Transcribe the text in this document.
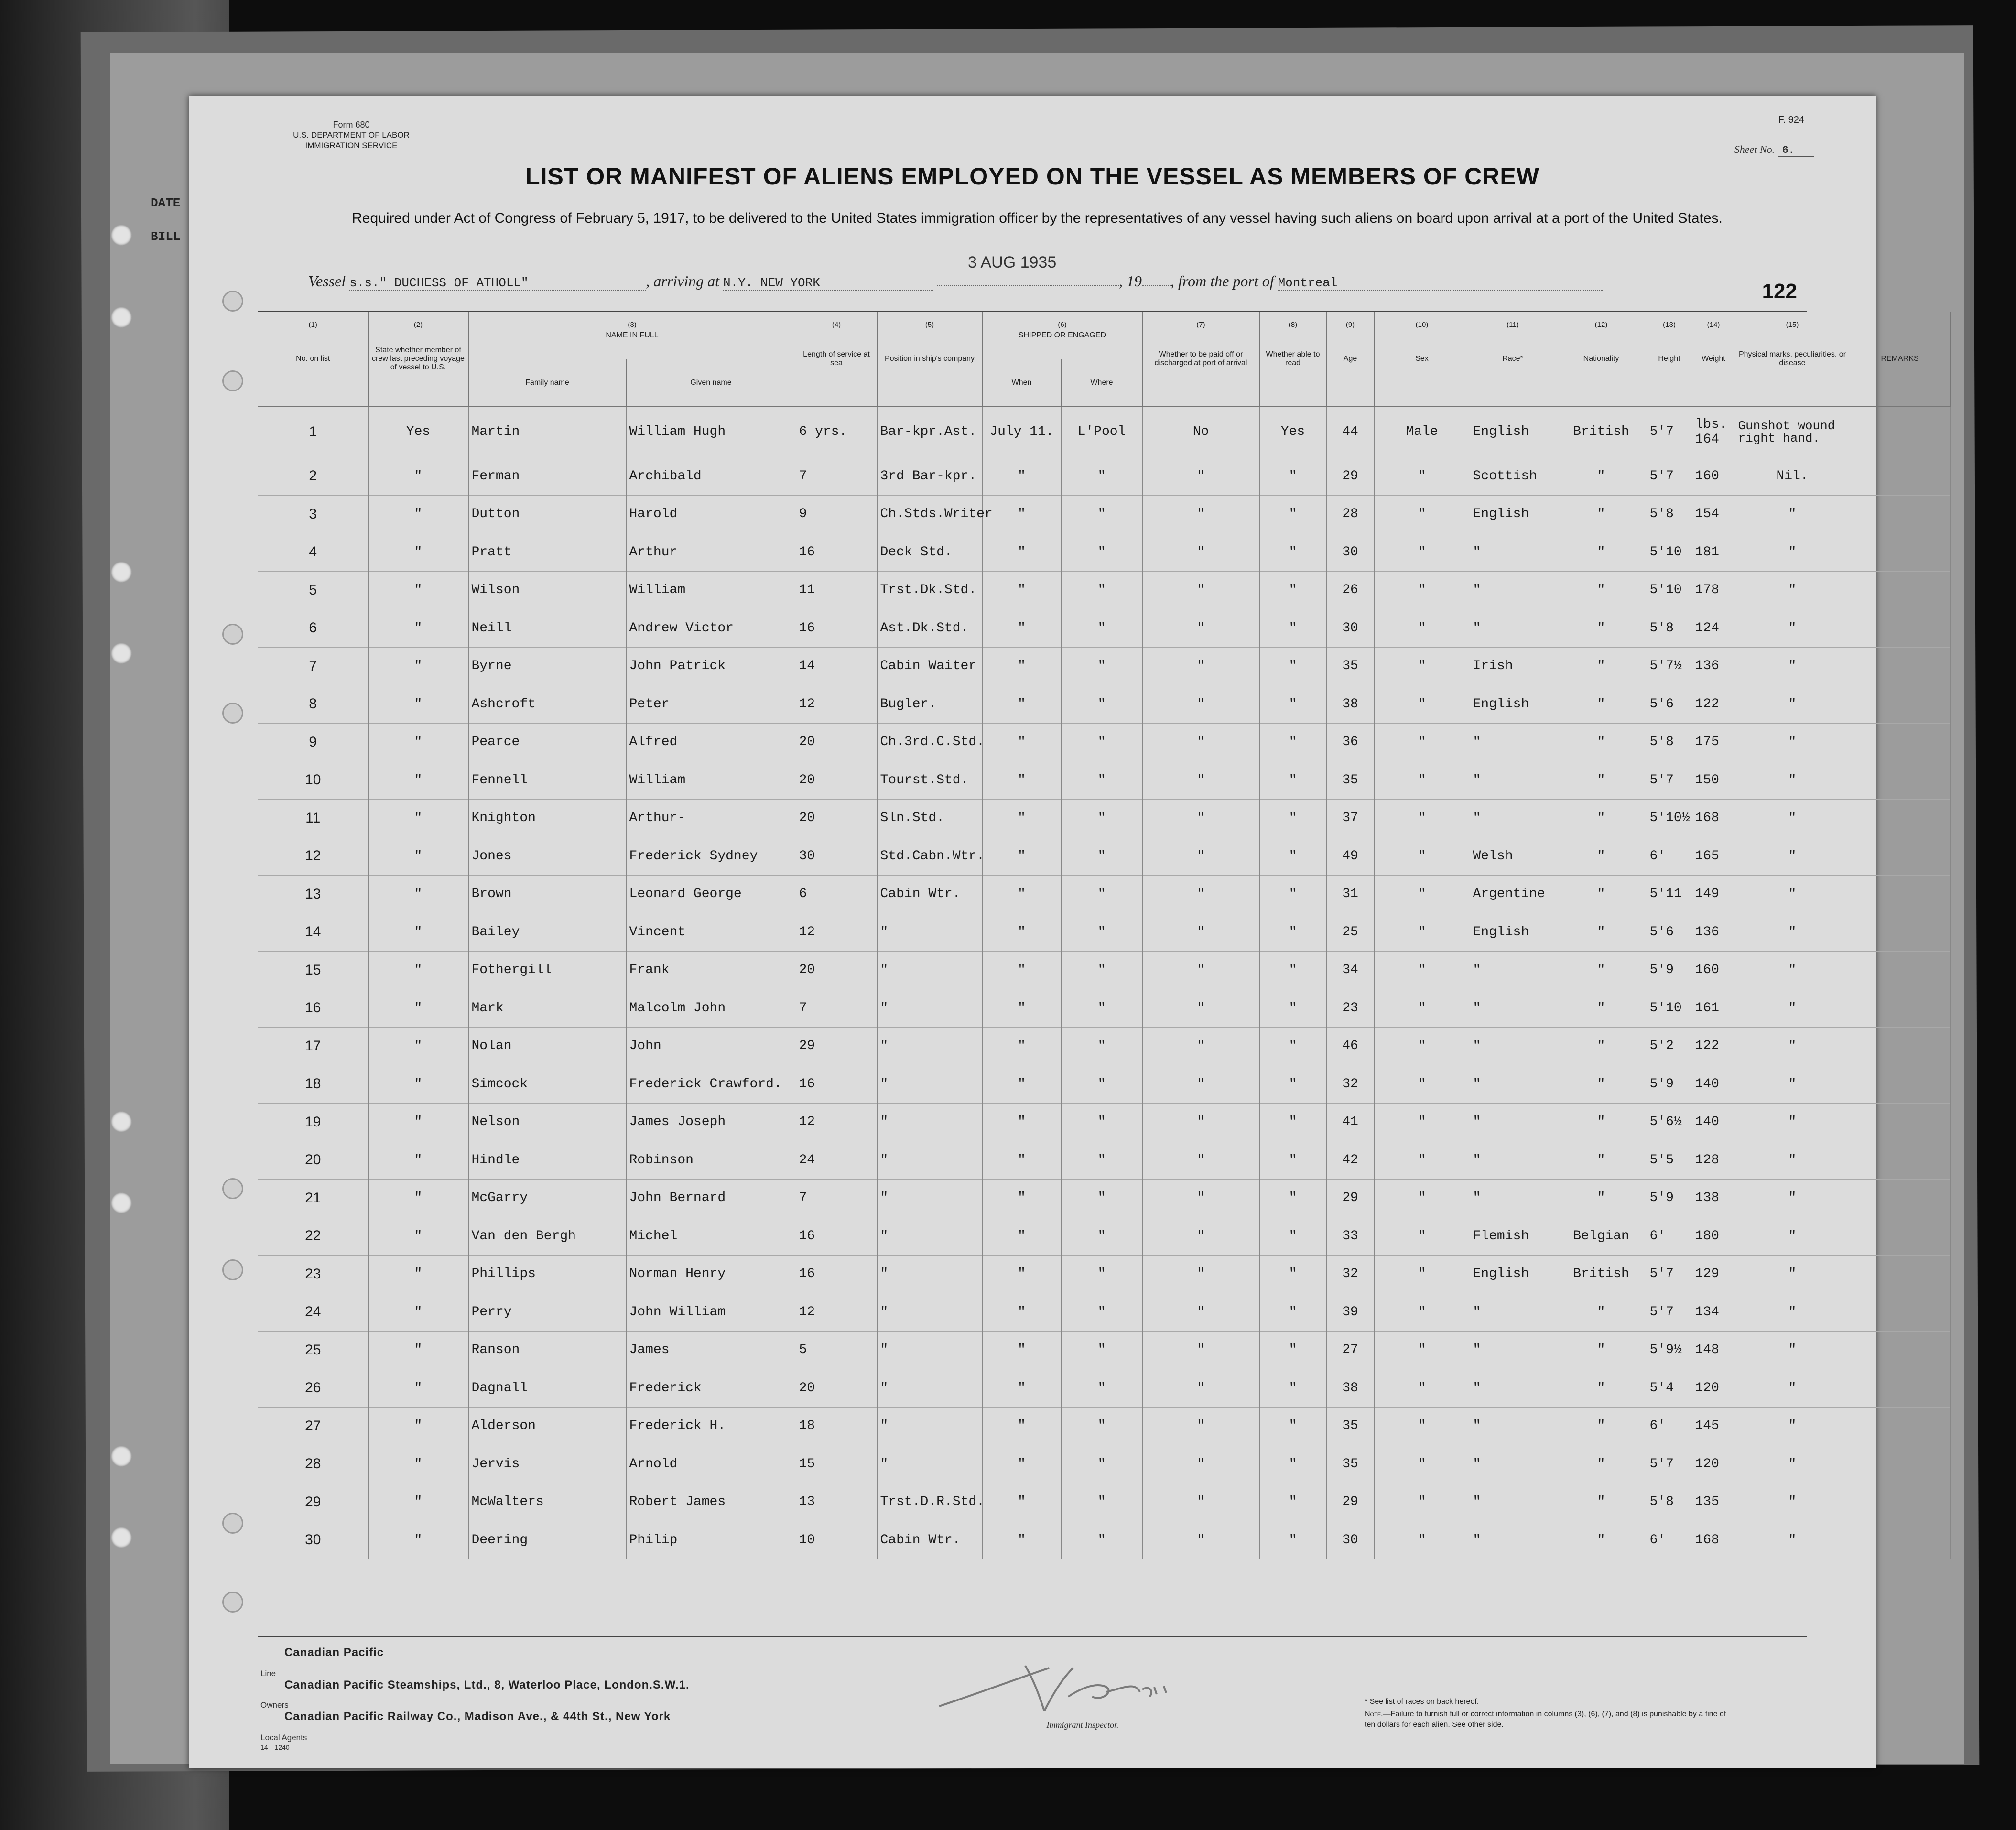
DATE
BILL
Form 680
U.S. DEPARTMENT OF LABOR
IMMIGRATION SERVICE
F. 924
Sheet No. 6.
LIST OR MANIFEST OF ALIENS EMPLOYED ON THE VESSEL AS MEMBERS OF CREW
Required under Act of Congress of February 5, 1917, to be delivered to the United States immigration officer by the representatives of any vessel having such aliens on board upon arrival at a port of the United States.
3 AUG 1935
122
Vessel s.s." DUCHESS OF ATHOLL"	, arriving at N.Y. NEW YORK	, 19 , from the port of Montreal
(1)
No. on list	(2)
State whether member of crew last preceding voyage of vessel to U.S.	(3)
NAME IN FULL		(4)
Length of service at sea	(5)
Position in ship's company	(6)
SHIPPED OR ENGAGED		(7)
Whether to be paid off or discharged at port of arrival	(8)
Whether able to read	(9)
Age	(10)
Sex	(11)
Race*	(12)
Nationality	(13)
Height	(14)
Weight	(15)
Physical marks, peculiarities, or disease	REMARKS
		Family name	Given name			When	Where										
1	Yes	Martin	William Hugh	6 yrs.	Bar-kpr.Ast.	July 11.	L'Pool	No	Yes	44	Male	English	British	5'7	lbs. 164	Gunshot wound right hand.	
2	"	Ferman	Archibald	7	3rd Bar-kpr.	"	"	"	"	29	"	Scottish	"	5'7	160	Nil.	
3	"	Dutton	Harold	9	Ch.Stds.Writer	"	"	"	"	28	"	English	"	5'8	154	"	
4	"	Pratt	Arthur	16	Deck Std.	"	"	"	"	30	"	"	"	5'10	181	"	
5	"	Wilson	William	11	Trst.Dk.Std.	"	"	"	"	26	"	"	"	5'10	178	"	
6	"	Neill	Andrew Victor	16	Ast.Dk.Std.	"	"	"	"	30	"	"	"	5'8	124	"	
7	"	Byrne	John Patrick	14	Cabin Waiter	"	"	"	"	35	"	Irish	"	5'7½	136	"	
8	"	Ashcroft	Peter	12	Bugler.	"	"	"	"	38	"	English	"	5'6	122	"	
9	"	Pearce	Alfred	20	Ch.3rd.C.Std.	"	"	"	"	36	"	"	"	5'8	175	"	
10	"	Fennell	William	20	Tourst.Std.	"	"	"	"	35	"	"	"	5'7	150	"	
11	"	Knighton	Arthur-	20	Sln.Std.	"	"	"	"	37	"	"	"	5'10½	168	"	
12	"	Jones	Frederick Sydney	30	Std.Cabn.Wtr.	"	"	"	"	49	"	Welsh	"	6'	165	"	
13	"	Brown	Leonard George	6	Cabin Wtr.	"	"	"	"	31	"	Argentine	"	5'11	149	"	
14	"	Bailey	Vincent	12	"	"	"	"	"	25	"	English	"	5'6	136	"	
15	"	Fothergill	Frank	20	"	"	"	"	"	34	"	"	"	5'9	160	"	
16	"	Mark	Malcolm John	7	"	"	"	"	"	23	"	"	"	5'10	161	"	
17	"	Nolan	John	29	"	"	"	"	"	46	"	"	"	5'2	122	"	
18	"	Simcock	Frederick Crawford.	16	"	"	"	"	"	32	"	"	"	5'9	140	"	
19	"	Nelson	James Joseph	12	"	"	"	"	"	41	"	"	"	5'6½	140	"	
20	"	Hindle	Robinson	24	"	"	"	"	"	42	"	"	"	5'5	128	"	
21	"	McGarry	John Bernard	7	"	"	"	"	"	29	"	"	"	5'9	138	"	
22	"	Van den Bergh	Michel	16	"	"	"	"	"	33	"	Flemish	Belgian	6'	180	"	
23	"	Phillips	Norman Henry	16	"	"	"	"	"	32	"	English	British	5'7	129	"	
24	"	Perry	John William	12	"	"	"	"	"	39	"	"	"	5'7	134	"	
25	"	Ranson	James	5	"	"	"	"	"	27	"	"	"	5'9½	148	"	
26	"	Dagnall	Frederick	20	"	"	"	"	"	38	"	"	"	5'4	120	"	
27	"	Alderson	Frederick H.	18	"	"	"	"	"	35	"	"	"	6'	145	"	
28	"	Jervis	Arnold	15	"	"	"	"	"	35	"	"	"	5'7	120	"	
29	"	McWalters	Robert James	13	Trst.D.R.Std.	"	"	"	"	29	"	"	"	5'8	135	"	
30	"	Deering	Philip	10	Cabin Wtr.	"	"	"	"	30	"	"	"	6'	168	"	
Canadian Pacific
Line
Canadian Pacific Steamships, Ltd., 8, Waterloo Place, London.S.W.1.
Owners
Canadian Pacific Railway Co., Madison Ave., & 44th St., New York
Local Agents
14—1240
Immigrant Inspector.
* See list of races on back hereof.
Note.—Failure to furnish full or correct information in columns (3), (6), (7), and (8) is punishable by a fine of ten dollars for each alien. See other side.
